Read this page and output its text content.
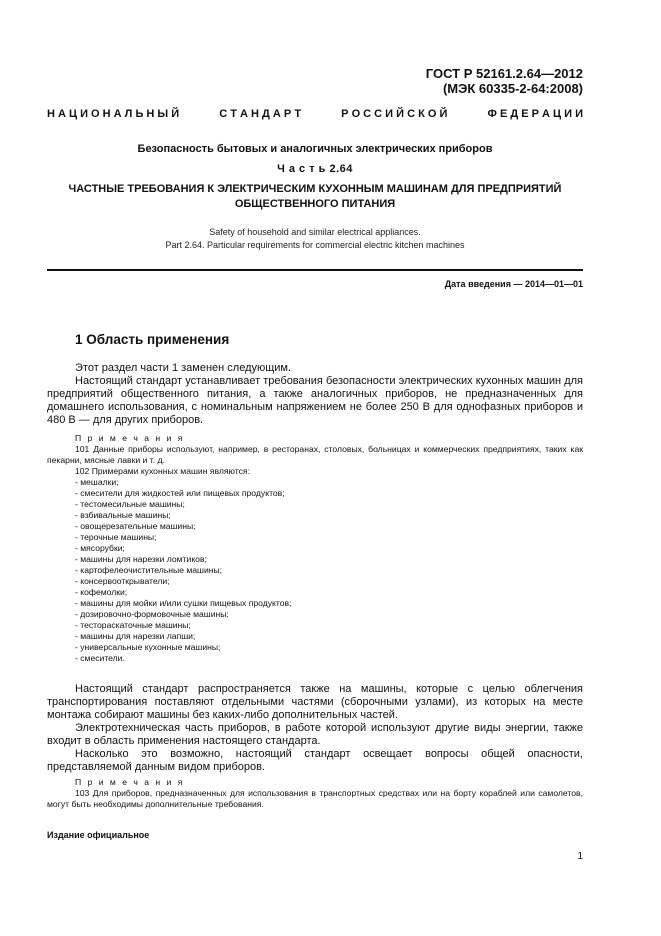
ГОСТ Р 52161.2.64—2012
(МЭК 60335-2-64:2008)
Н А Ц И О Н А Л Ь Н Ы Й	С Т А Н Д А Р Т	Р О С С И Й С К О Й	Ф Е Д Е Р А Ц И И
Безопасность бытовых и аналогичных электрических приборов
Ч а с т ь 2.64
ЧАСТНЫЕ ТРЕБОВАНИЯ К ЭЛЕКТРИЧЕСКИМ КУХОННЫМ МАШИНАМ ДЛЯ ПРЕДПРИЯТИЙ ОБЩЕСТВЕННОГО ПИТАНИЯ
Safety of household and similar electrical appliances.
Part 2.64. Particular requirements for commercial electric kitchen machines
Дата введения — 2014—01—01
1 Область применения

Этот раздел части 1 заменен следующим.

Настоящий стандарт устанавливает требования безопасности электрических кухонных машин для предприятий общественного питания, а также аналогичных приборов, не предназначенных для домашнего использования, с номинальным напряжением не более 250 В для однофазных приборов и 480 В — для других приборов.

П р и м е ч а н и я
101 Данные приборы используют, например, в ресторанах, столовых, больницах и коммерческих предприятиях, таких как пекарни, мясные лавки и т. д.
102 Примерами кухонных машин являются:
- мешалки;
- смесители для жидкостей или пищевых продуктов;
- тестомесильные машины;
- взбивальные машины;
- овощерезательные машины;
- терочные машины;
- мясорубки;
- машины для нарезки ломтиков;
- картофелеочистительные машины;
- консервооткрыватели;
- кофемолки;
- машины для мойки и/или сушки пищевых продуктов;
- дозировочно-формовочные машины;
- тестораскаточные машины;
- машины для нарезки лапши;
- универсальные кухонные машины;
- смесители.

Настоящий стандарт распространяется также на машины, которые с целью облегчения транспортирования поставляют отдельными частями (сборочными узлами), из которых на месте монтажа собирают машины без каких-либо дополнительных частей.

Электротехническая часть приборов, в работе которой используют другие виды энергии, также входит в область применения настоящего стандарта.

Насколько это возможно, настоящий стандарт освещает вопросы общей опасности, представляемой данным видом приборов.

П р и м е ч а н и я
103 Для приборов, предназначенных для использования в транспортных средствах или на борту кораблей или самолетов, могут быть необходимы дополнительные требования.
Издание официальное
1
